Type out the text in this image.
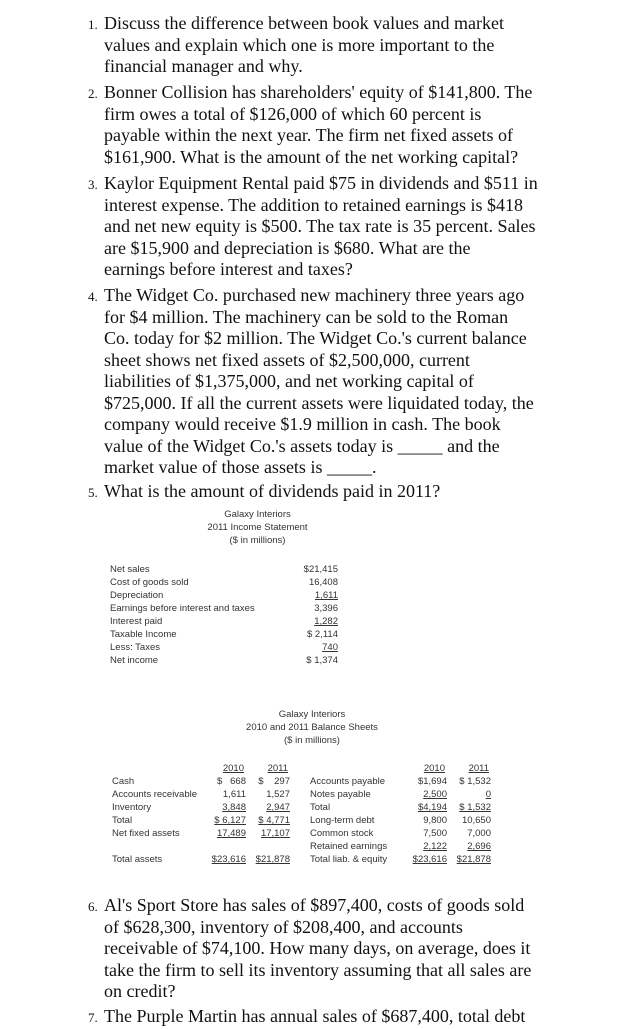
1. Discuss the difference between book values and market
values and explain which one is more important to the
financial manager and why.
2. Bonner Collision has shareholders' equity of $141,800. The
firm owes a total of $126,000 of which 60 percent is
payable within the next year. The firm net fixed assets of
$161,900. What is the amount of the net working capital?
3. Kaylor Equipment Rental paid $75 in dividends and $511 in
interest expense. The addition to retained earnings is $418
and net new equity is $500. The tax rate is 35 percent. Sales
are $15,900 and depreciation is $680. What are the
earnings before interest and taxes?
4. The Widget Co. purchased new machinery three years ago
for $4 million. The machinery can be sold to the Roman
Co. today for $2 million. The Widget Co.'s current balance
sheet shows net fixed assets of $2,500,000, current
liabilities of $1,375,000, and net working capital of
$725,000. If all the current assets were liquidated today, the
company would receive $1.9 million in cash. The book
value of the Widget Co.'s assets today is _____ and the
market value of those assets is _____.
5. What is the amount of dividends paid in 2011?
6. Al's Sport Store has sales of $897,400, costs of goods sold
of $628,300, inventory of $208,400, and accounts
receivable of $74,100. How many days, on average, does it
take the firm to sell its inventory assuming that all sales are
on credit?
7. The Purple Martin has annual sales of $687,400, total debt
Galaxy Interiors
2011 Income Statement
($ in millions)
Net sales	$21,415
Cost of goods sold	16,408
Depreciation	1,611
Earnings before interest and taxes	3,396
Interest paid	1,282
Taxable Income	$ 2,114
Less: Taxes	740
Net income	$ 1,374
Galaxy Interiors
2010 and 2011 Balance Sheets
($ in millions)
2010	2011
Cash	$   668	$    297
Accounts receivable	1,611	1,527
Inventory	3,848	2,947
Total	$ 6,127	$ 4,771
Net fixed assets	17,489	17,107
Total assets	$23,616	$21,878
2010	2011
Accounts payable	$1,694	$ 1,532
Notes payable	2,500	0
Total	$4,194	$ 1,532
Long-term debt	9,800	10,650
Common stock	7,500	7,000
Retained earnings	2,122	2,696
Total liab. & equity	$23,616	$21,878
